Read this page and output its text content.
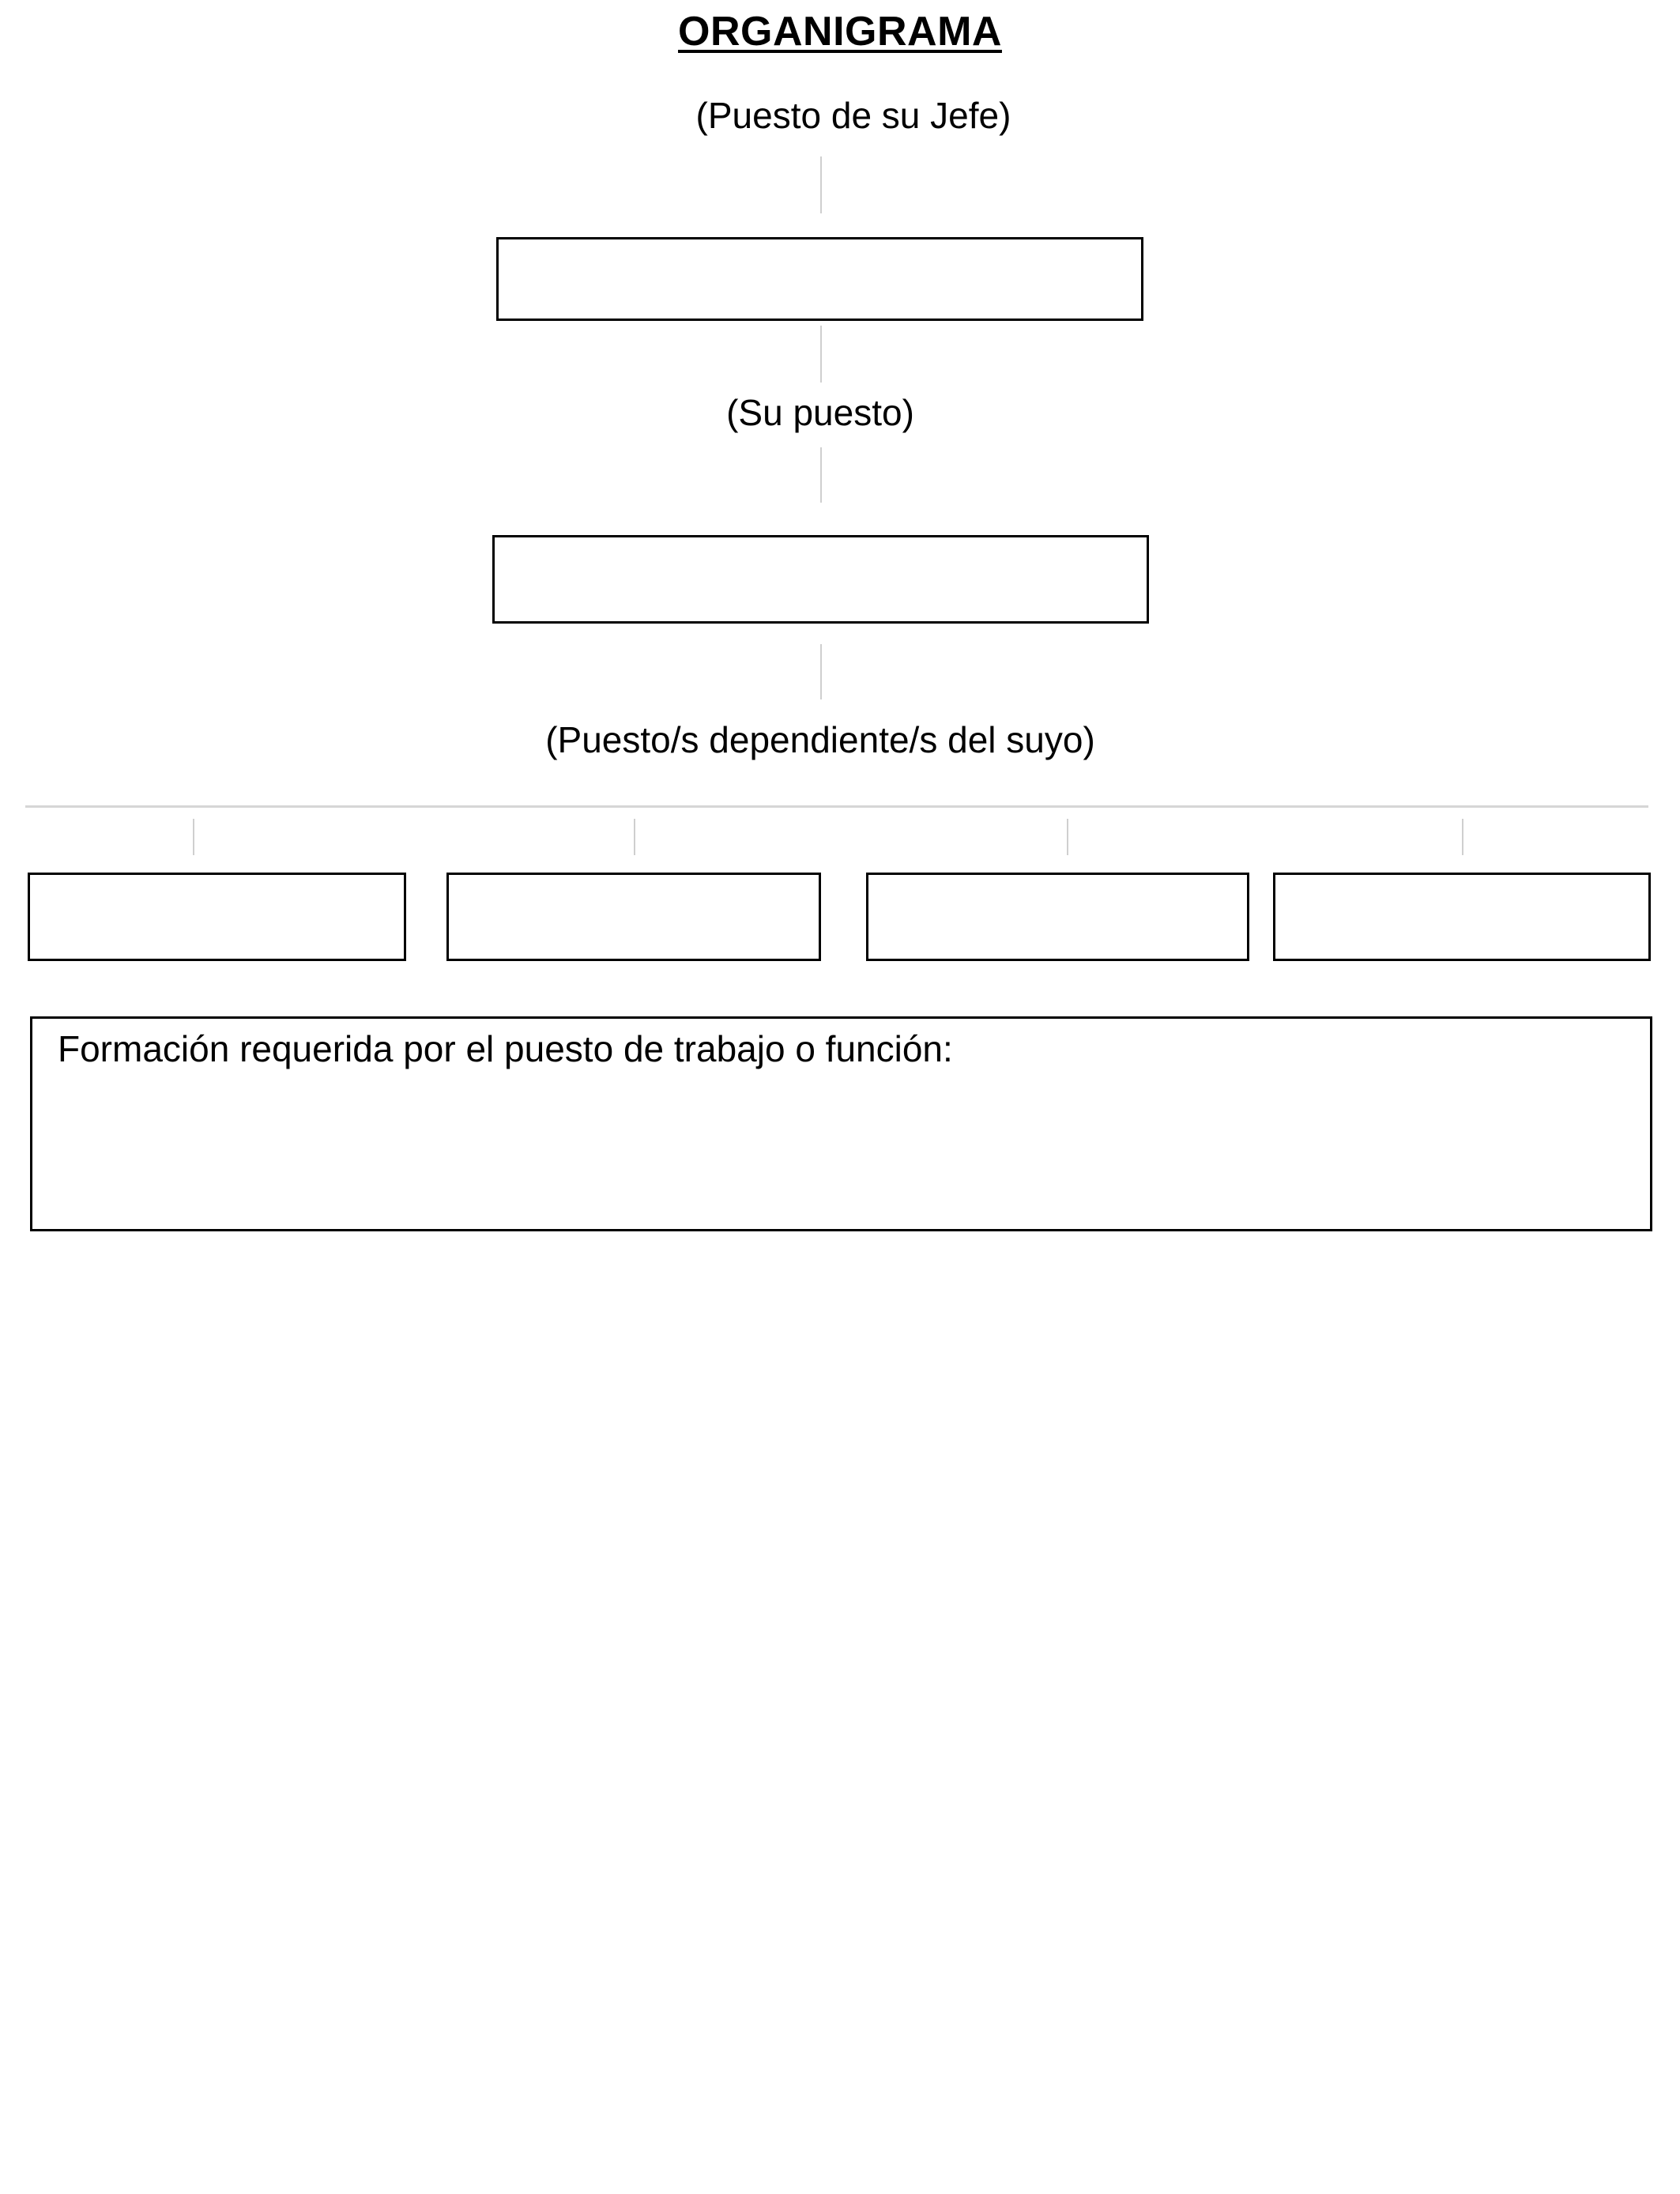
ORGANIGRAMA
(Puesto de su Jefe)
(Su puesto)
(Puesto/s dependiente/s del suyo)
Formación requerida por el puesto de trabajo o función:
